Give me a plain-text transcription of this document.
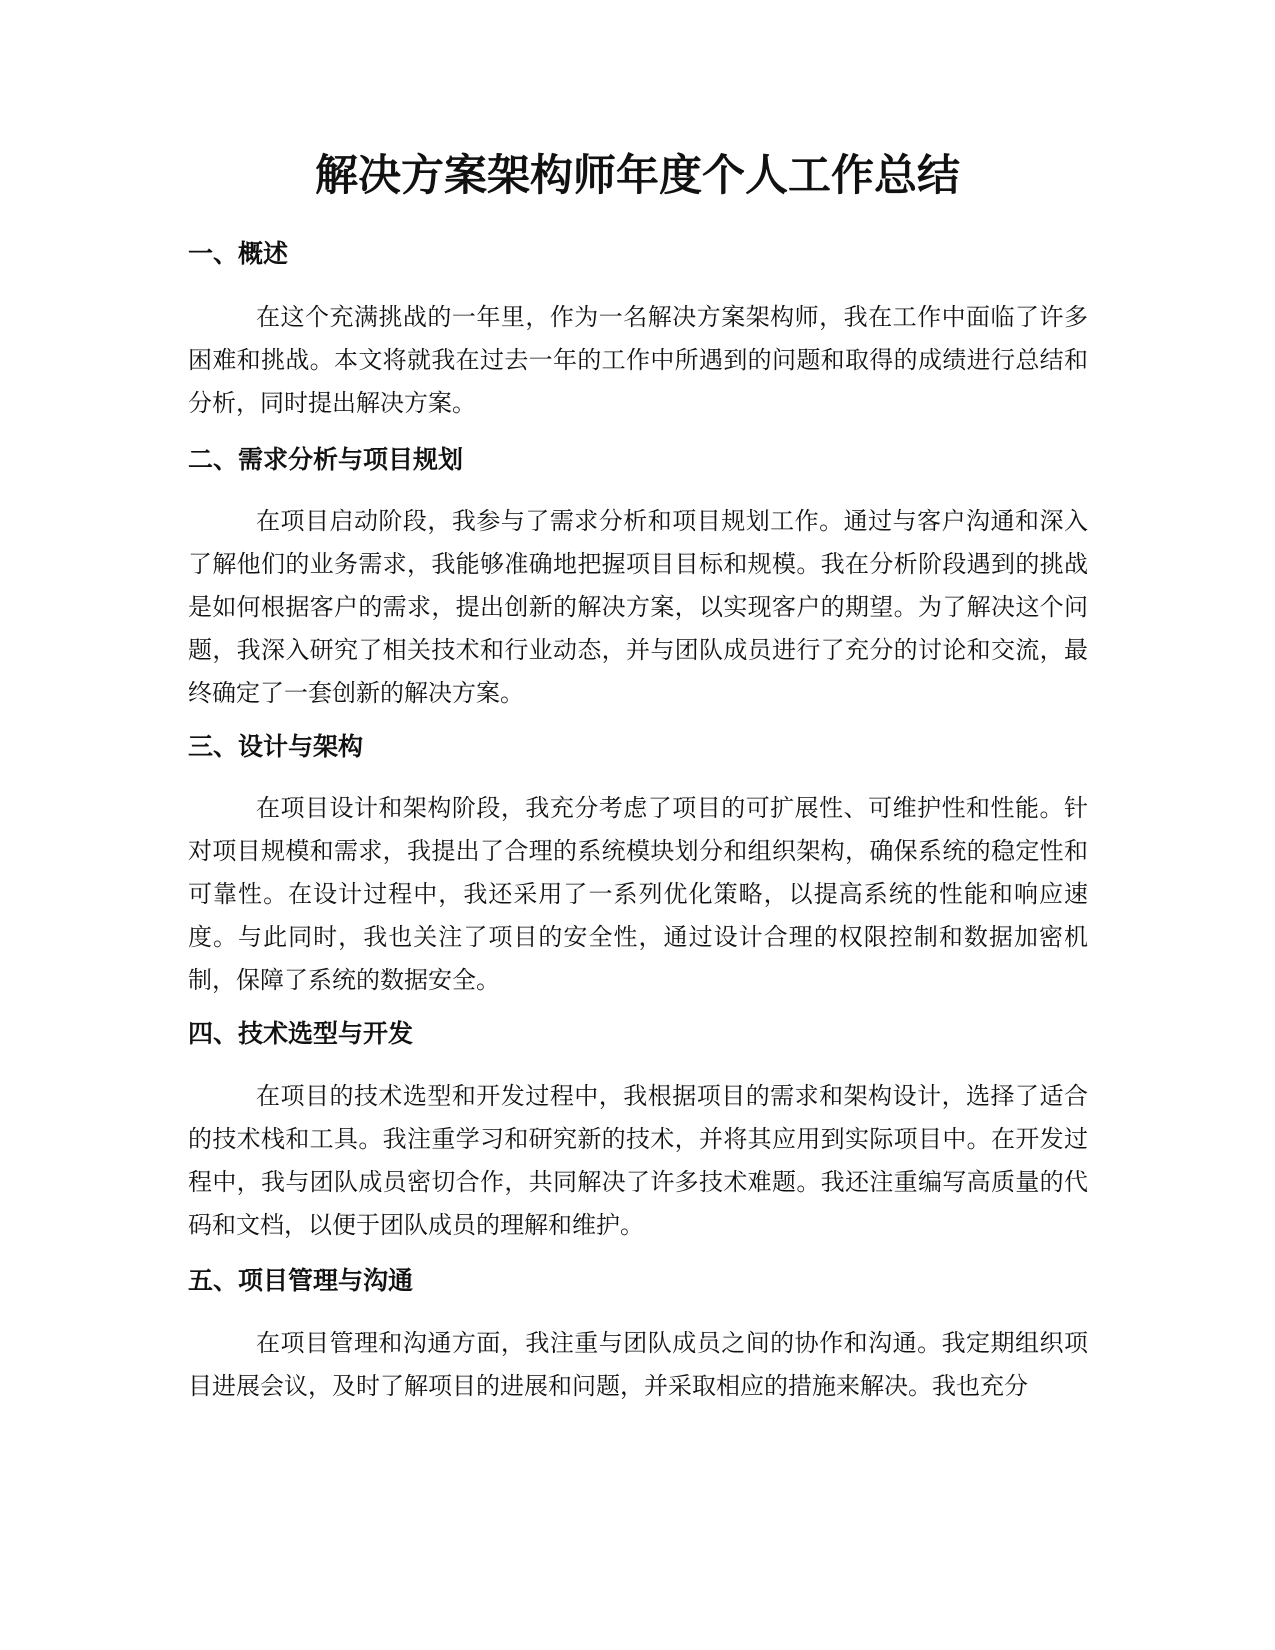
解决方案架构师年度个人工作总结
一、概述

在这个充满挑战的一年里，作为一名解决方案架构师，我在工作中面临了许多困难和挑战。本文将就我在过去一年的工作中所遇到的问题和取得的成绩进行总结和分析，同时提出解决方案。

二、需求分析与项目规划

在项目启动阶段，我参与了需求分析和项目规划工作。通过与客户沟通和深入了解他们的业务需求，我能够准确地把握项目目标和规模。我在分析阶段遇到的挑战是如何根据客户的需求，提出创新的解决方案，以实现客户的期望。为了解决这个问题，我深入研究了相关技术和行业动态，并与团队成员进行了充分的讨论和交流，最终确定了一套创新的解决方案。

三、设计与架构

在项目设计和架构阶段，我充分考虑了项目的可扩展性、可维护性和性能。针对项目规模和需求，我提出了合理的系统模块划分和组织架构，确保系统的稳定性和可靠性。在设计过程中，我还采用了一系列优化策略，以提高系统的性能和响应速度。与此同时，我也关注了项目的安全性，通过设计合理的权限控制和数据加密机制，保障了系统的数据安全。

四、技术选型与开发

在项目的技术选型和开发过程中，我根据项目的需求和架构设计，选择了适合的技术栈和工具。我注重学习和研究新的技术，并将其应用到实际项目中。在开发过程中，我与团队成员密切合作，共同解决了许多技术难题。我还注重编写高质量的代码和文档，以便于团队成员的理解和维护。

五、项目管理与沟通

在项目管理和沟通方面，我注重与团队成员之间的协作和沟通。我定期组织项目进展会议，及时了解项目的进展和问题，并采取相应的措施来解决。我也充分
